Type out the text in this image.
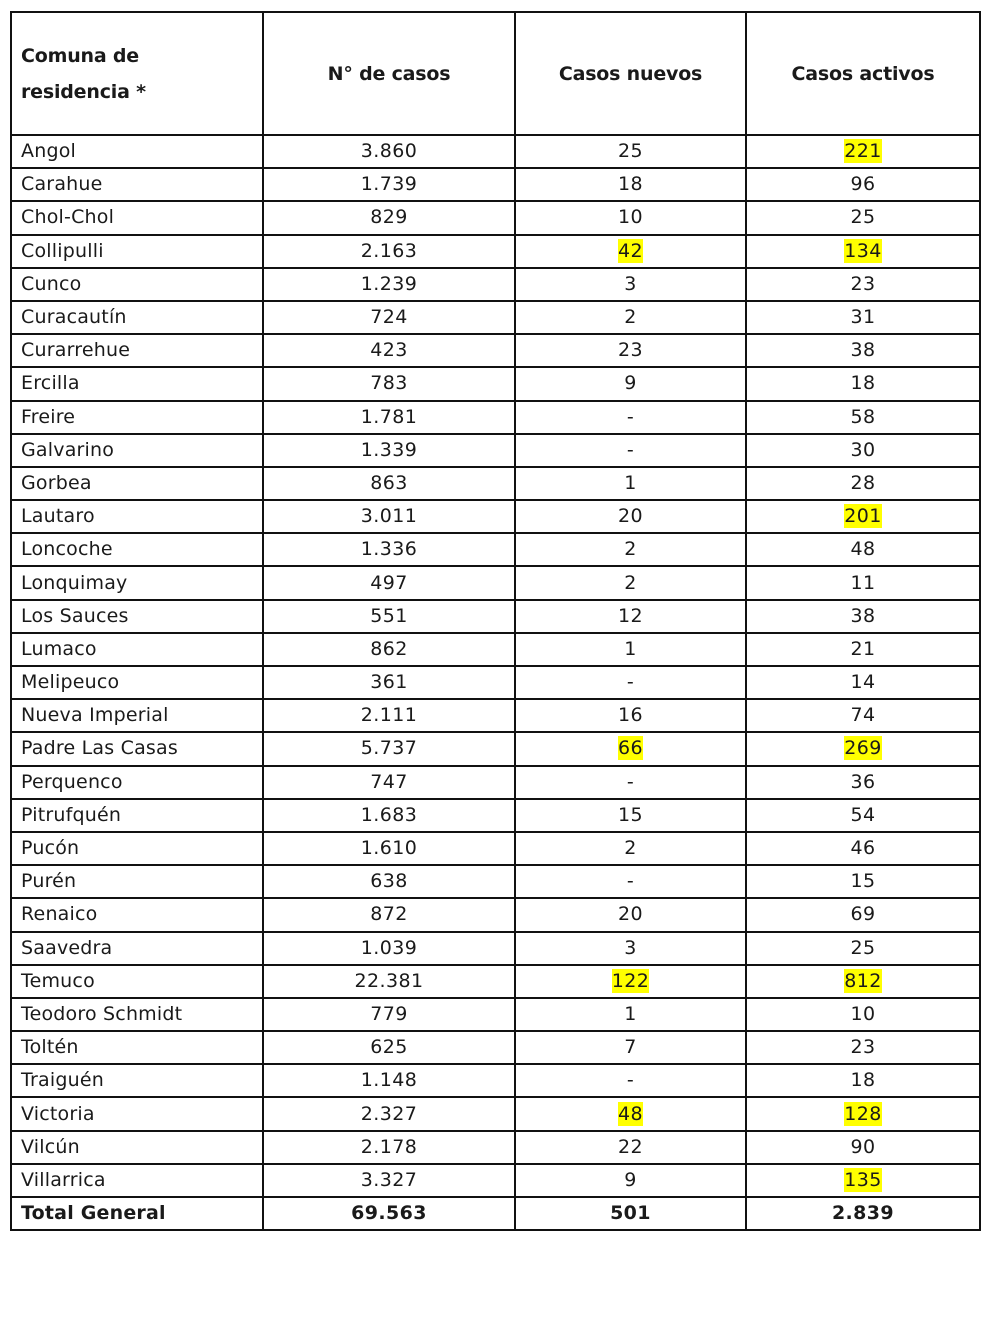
Comuna de
residencia *	N° de casos	Casos nuevos	Casos activos
Angol	3.860	25	221
Carahue	1.739	18	96
Chol-Chol	829	10	25
Collipulli	2.163	42	134
Cunco	1.239	3	23
Curacautín	724	2	31
Curarrehue	423	23	38
Ercilla	783	9	18
Freire	1.781	-	58
Galvarino	1.339	-	30
Gorbea	863	1	28
Lautaro	3.011	20	201
Loncoche	1.336	2	48
Lonquimay	497	2	11
Los Sauces	551	12	38
Lumaco	862	1	21
Melipeuco	361	-	14
Nueva Imperial	2.111	16	74
Padre Las Casas	5.737	66	269
Perquenco	747	-	36
Pitrufquén	1.683	15	54
Pucón	1.610	2	46
Purén	638	-	15
Renaico	872	20	69
Saavedra	1.039	3	25
Temuco	22.381	122	812
Teodoro Schmidt	779	1	10
Toltén	625	7	23
Traiguén	1.148	-	18
Victoria	2.327	48	128
Vilcún	2.178	22	90
Villarrica	3.327	9	135
Total General	69.563	501	2.839
